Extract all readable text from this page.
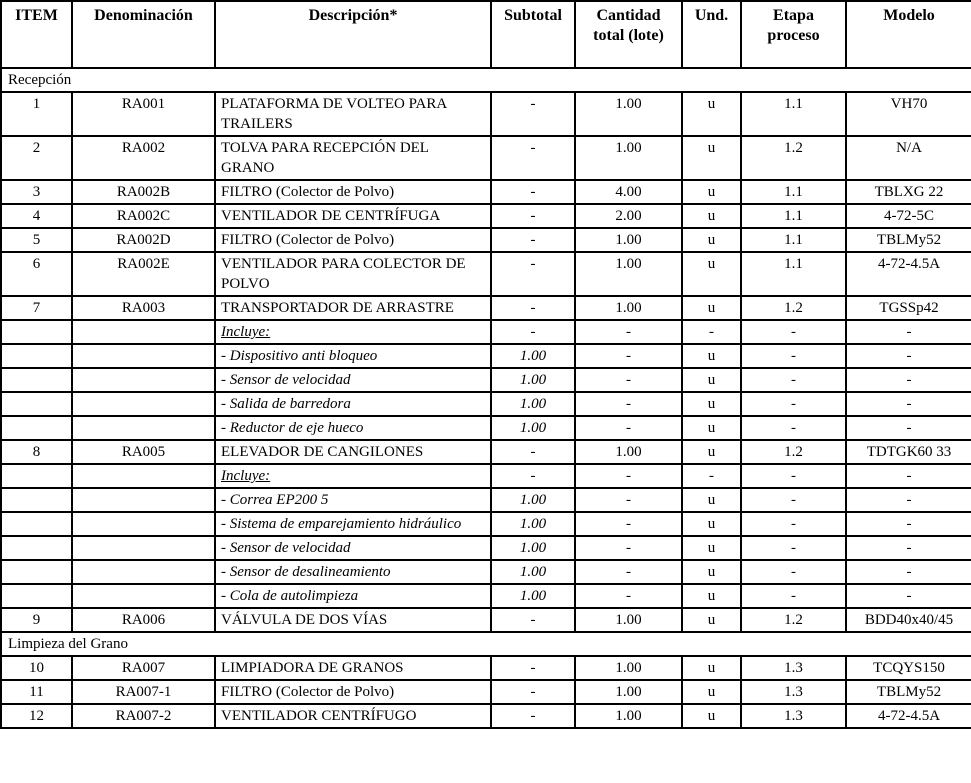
ITEM	Denominación	Descripción*	Subtotal	Cantidad total (lote)	Und.	Etapa proceso	Modelo
Recepción							
1	RA001	PLATAFORMA DE VOLTEO PARA TRAILERS	-	1.00	u	1.1	VH70
2	RA002	TOLVA PARA RECEPCIÓN DEL GRANO	-	1.00	u	1.2	N/A
3	RA002B	FILTRO (Colector de Polvo)	-	4.00	u	1.1	TBLXG 22
4	RA002C	VENTILADOR DE CENTRÍFUGA	-	2.00	u	1.1	4-72-5C
5	RA002D	FILTRO (Colector de Polvo)	-	1.00	u	1.1	TBLMy52
6	RA002E	VENTILADOR PARA COLECTOR DE POLVO	-	1.00	u	1.1	4-72-4.5A
7	RA003	TRANSPORTADOR DE ARRASTRE	-	1.00	u	1.2	TGSSp42
		Incluye:	-	-	-	-	-
		- Dispositivo anti bloqueo	1.00	-	u	-	-
		- Sensor de velocidad	1.00	-	u	-	-
		- Salida de barredora	1.00	-	u	-	-
		- Reductor de eje hueco	1.00	-	u	-	-
8	RA005	ELEVADOR DE CANGILONES	-	1.00	u	1.2	TDTGK60 33
		Incluye:	-	-	-	-	-
		- Correa EP200 5	1.00	-	u	-	-
		- Sistema de emparejamiento hidráulico	1.00	-	u	-	-
		- Sensor de velocidad	1.00	-	u	-	-
		- Sensor de desalineamiento	1.00	-	u	-	-
		- Cola de autolimpieza	1.00	-	u	-	-
9	RA006	VÁLVULA DE DOS VÍAS	-	1.00	u	1.2	BDD40x40/45
Limpieza del Grano							
10	RA007	LIMPIADORA DE GRANOS	-	1.00	u	1.3	TCQYS150
11	RA007-1	FILTRO (Colector de Polvo)	-	1.00	u	1.3	TBLMy52
12	RA007-2	VENTILADOR CENTRÍFUGO	-	1.00	u	1.3	4-72-4.5A
